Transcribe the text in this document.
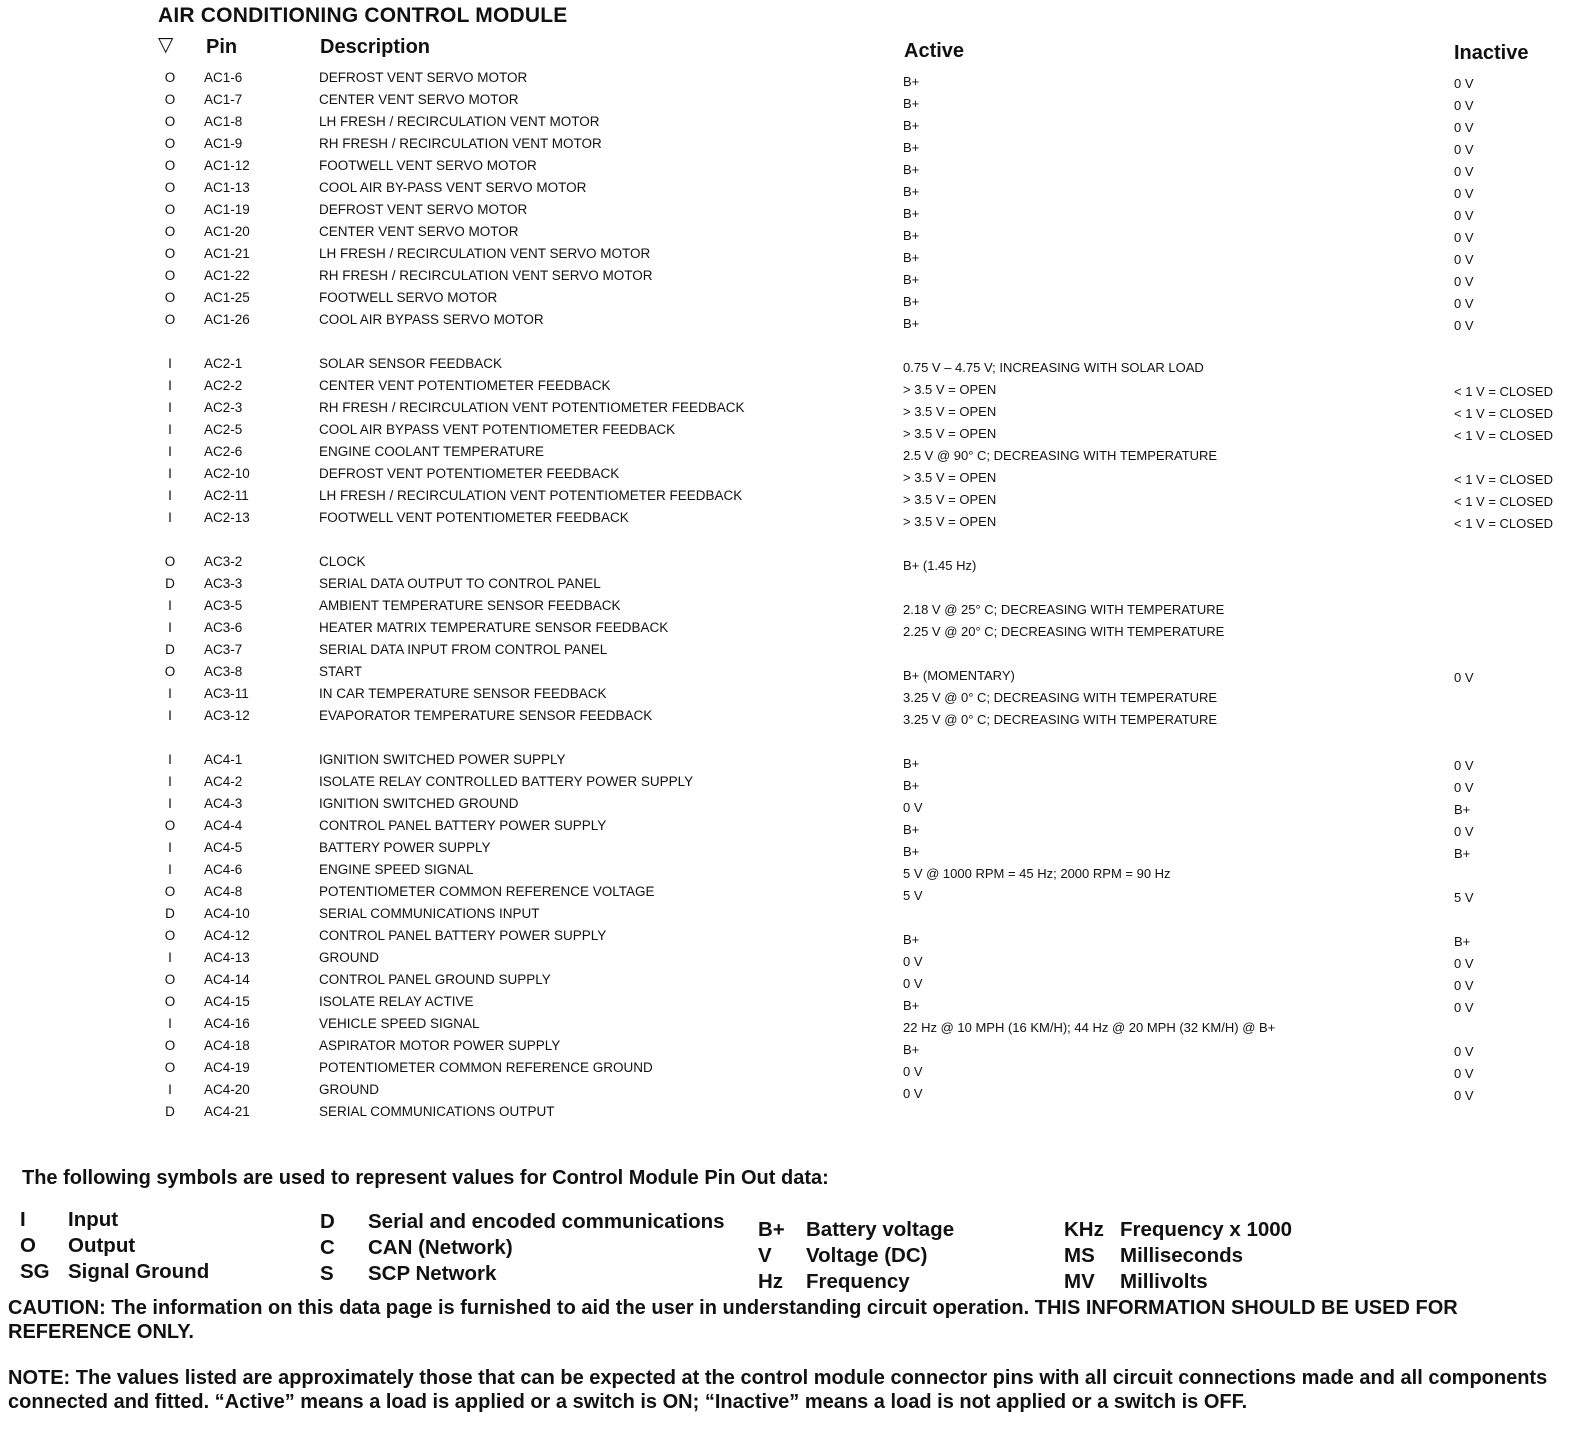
AIR CONDITIONING CONTROL MODULE
▽ Pin	Description	Active	Inactive
O AC1-6	DEFROST VENT SERVO MOTOR	B+	0 V
O AC1-7	CENTER VENT SERVO MOTOR	B+	0 V
O AC1-8	LH FRESH / RECIRCULATION VENT MOTOR	B+	0 V
O AC1-9	RH FRESH / RECIRCULATION VENT MOTOR	B+	0 V
O AC1-12	FOOTWELL VENT SERVO MOTOR	B+	0 V
O AC1-13	COOL AIR BY-PASS VENT SERVO MOTOR	B+	0 V
O AC1-19	DEFROST VENT SERVO MOTOR	B+	0 V
O AC1-20	CENTER VENT SERVO MOTOR	B+	0 V
O AC1-21	LH FRESH / RECIRCULATION VENT SERVO MOTOR	B+	0 V
O AC1-22	RH FRESH / RECIRCULATION VENT SERVO MOTOR	B+	0 V
O AC1-25	FOOTWELL SERVO MOTOR	B+	0 V
O AC1-26	COOL AIR BYPASS SERVO MOTOR	B+	0 V
I	AC2-1	SOLAR SENSOR FEEDBACK	0.75 V – 4.75 V; INCREASING WITH SOLAR LOAD
I	AC2-2	CENTER VENT POTENTIOMETER FEEDBACK	> 3.5 V = OPEN	< 1 V = CLOSED
I	AC2-3	RH FRESH / RECIRCULATION VENT POTENTIOMETER FEEDBACK	> 3.5 V = OPEN	< 1 V = CLOSED
I	AC2-5	COOL AIR BYPASS VENT POTENTIOMETER FEEDBACK	> 3.5 V = OPEN	< 1 V = CLOSED
I	AC2-6	ENGINE COOLANT TEMPERATURE	2.5 V @ 90° C; DECREASING WITH TEMPERATURE
I	AC2-10	DEFROST VENT POTENTIOMETER FEEDBACK	> 3.5 V = OPEN	< 1 V = CLOSED
I	AC2-11	LH FRESH / RECIRCULATION VENT POTENTIOMETER FEEDBACK	> 3.5 V = OPEN	< 1 V = CLOSED
I	AC2-13	FOOTWELL VENT POTENTIOMETER FEEDBACK	> 3.5 V = OPEN	< 1 V = CLOSED
O AC3-2	CLOCK	B+ (1.45 Hz)
D AC3-3	SERIAL DATA OUTPUT TO CONTROL PANEL
I	AC3-5	AMBIENT TEMPERATURE SENSOR FEEDBACK	2.18 V @ 25° C; DECREASING WITH TEMPERATURE
I	AC3-6	HEATER MATRIX TEMPERATURE SENSOR FEEDBACK	2.25 V @ 20° C; DECREASING WITH TEMPERATURE
D AC3-7	SERIAL DATA INPUT FROM CONTROL PANEL
O AC3-8	START	B+ (MOMENTARY)	0 V
I	AC3-11	IN CAR TEMPERATURE SENSOR FEEDBACK	3.25 V @ 0° C; DECREASING WITH TEMPERATURE
I	AC3-12	EVAPORATOR TEMPERATURE SENSOR FEEDBACK	3.25 V @ 0° C; DECREASING WITH TEMPERATURE
I	AC4-1	IGNITION SWITCHED POWER SUPPLY	B+	0 V
I	AC4-2	ISOLATE RELAY CONTROLLED BATTERY POWER SUPPLY	B+	0 V
I	AC4-3	IGNITION SWITCHED GROUND	0 V	B+
O AC4-4	CONTROL PANEL BATTERY POWER SUPPLY	B+	0 V
I	AC4-5	BATTERY POWER SUPPLY	B+	B+
I	AC4-6	ENGINE SPEED SIGNAL	5 V @ 1000 RPM = 45 Hz; 2000 RPM = 90 Hz
O AC4-8	POTENTIOMETER COMMON REFERENCE VOLTAGE	5 V	5 V
D AC4-10	SERIAL COMMUNICATIONS INPUT
O AC4-12	CONTROL PANEL BATTERY POWER SUPPLY	B+	B+
I	AC4-13	GROUND	0 V	0 V
O AC4-14	CONTROL PANEL GROUND SUPPLY	0 V	0 V
O AC4-15	ISOLATE RELAY ACTIVE	B+	0 V
I	AC4-16	VEHICLE SPEED SIGNAL	22 Hz @ 10 MPH (16 KM/H); 44 Hz @ 20 MPH (32 KM/H) @ B+
O AC4-18	ASPIRATOR MOTOR POWER SUPPLY	B+	0 V
O AC4-19	POTENTIOMETER COMMON REFERENCE GROUND	0 V	0 V
I	AC4-20	GROUND	0 V	0 V
D AC4-21	SERIAL COMMUNICATIONS OUTPUT
The following symbols are used to represent values for Control Module Pin Out data:
I Input
O Output
SG Signal Ground
D Serial and encoded communications
C CAN (Network)
S SCP Network
B+ Battery voltage
V Voltage (DC)
Hz Frequency
KHz Frequency x 1000
MS Milliseconds
MV Millivolts
CAUTION: The information on this data page is furnished to aid the user in understanding circuit operation. THIS INFORMATION SHOULD BE USED FOR REFERENCE ONLY.
NOTE: The values listed are approximately those that can be expected at the control module connector pins with all circuit connections made and all components connected and fitted. “Active” means a load is applied or a switch is ON; “Inactive” means a load is not applied or a switch is OFF.
